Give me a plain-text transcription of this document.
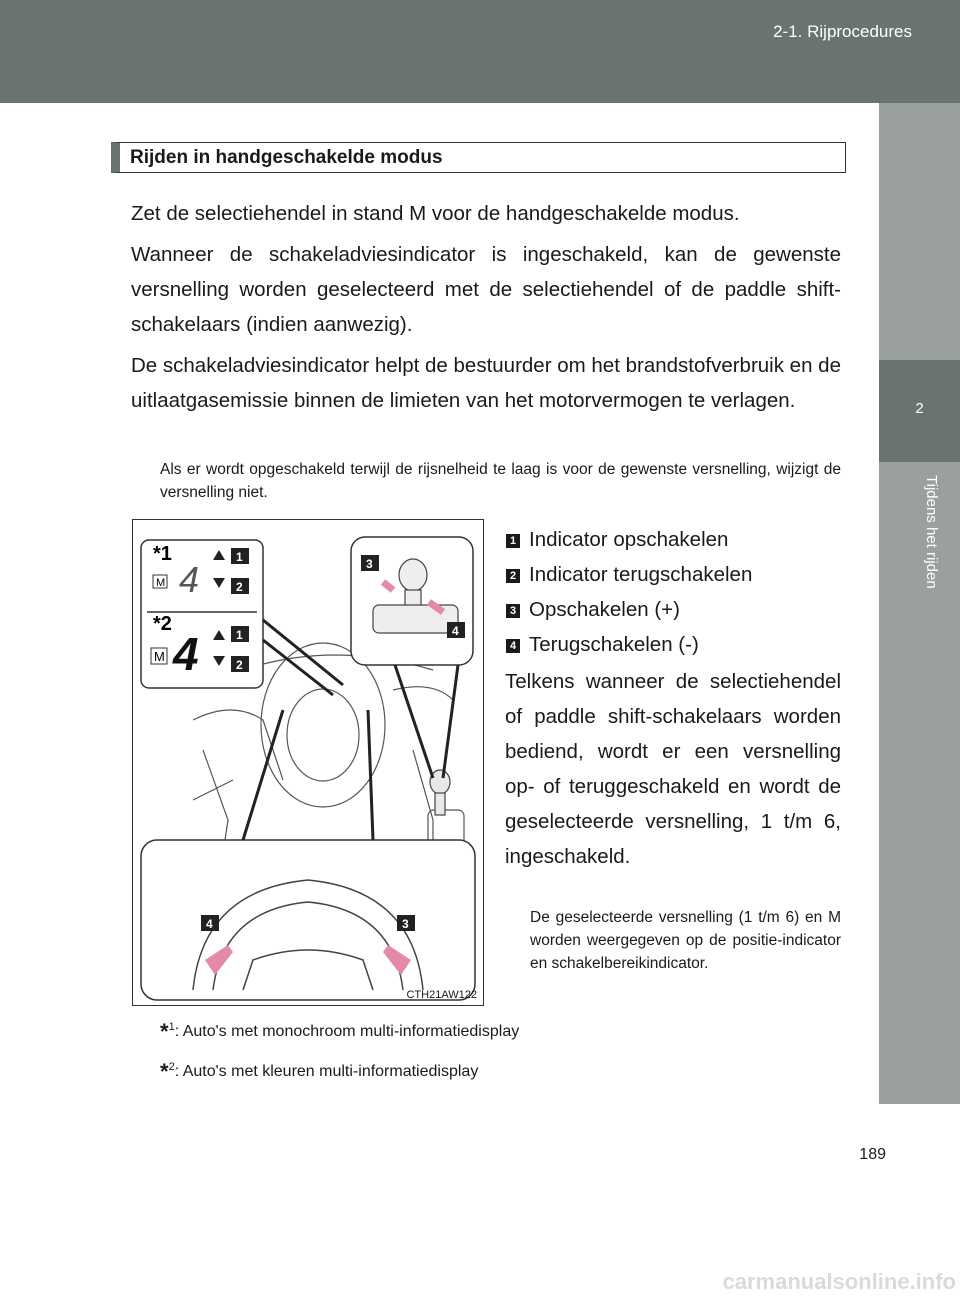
2-1. Rijprocedures
2
Tijdens het rijden
Rijden in handgeschakelde modus
Zet de selectiehendel in stand M voor de handgeschakelde modus.
Wanneer de schakeladviesindicator is ingeschakeld, kan de gewenste versnelling worden geselecteerd met de selectiehendel of de paddle shift-schakelaars (indien aanwezig).
De schakeladviesindicator helpt de bestuurder om het brandstofverbruik en de uitlaatgasemissie binnen de limieten van het motorvermogen te verlagen.
Als er wordt opgeschakeld terwijl de rijsnelheid te laag is voor de gewenste versnelling, wijzigt de versnelling niet.
*1
M 4
1
2
*2
M 4	1
2
3
4
4	3
CTH21AW122
1 Indicator opschakelen
2 Indicator terugschakelen
3 Opschakelen (+)
4 Terugschakelen (-)
Telkens wanneer de selectiehendel of paddle shift-schakelaars worden bediend, wordt er een versnelling op- of teruggeschakeld en wordt de geselecteerde versnelling, 1 t/m 6, ingeschakeld.
De geselecteerde versnelling (1 t/m 6) en M worden weergegeven op de positie-indicator en schakelbereikindicator.
*$^1$: Auto's met monochroom multi-informatiedisplay
*$^2$: Auto's met kleuren multi-informatiedisplay
189
carmanualsonline.info
